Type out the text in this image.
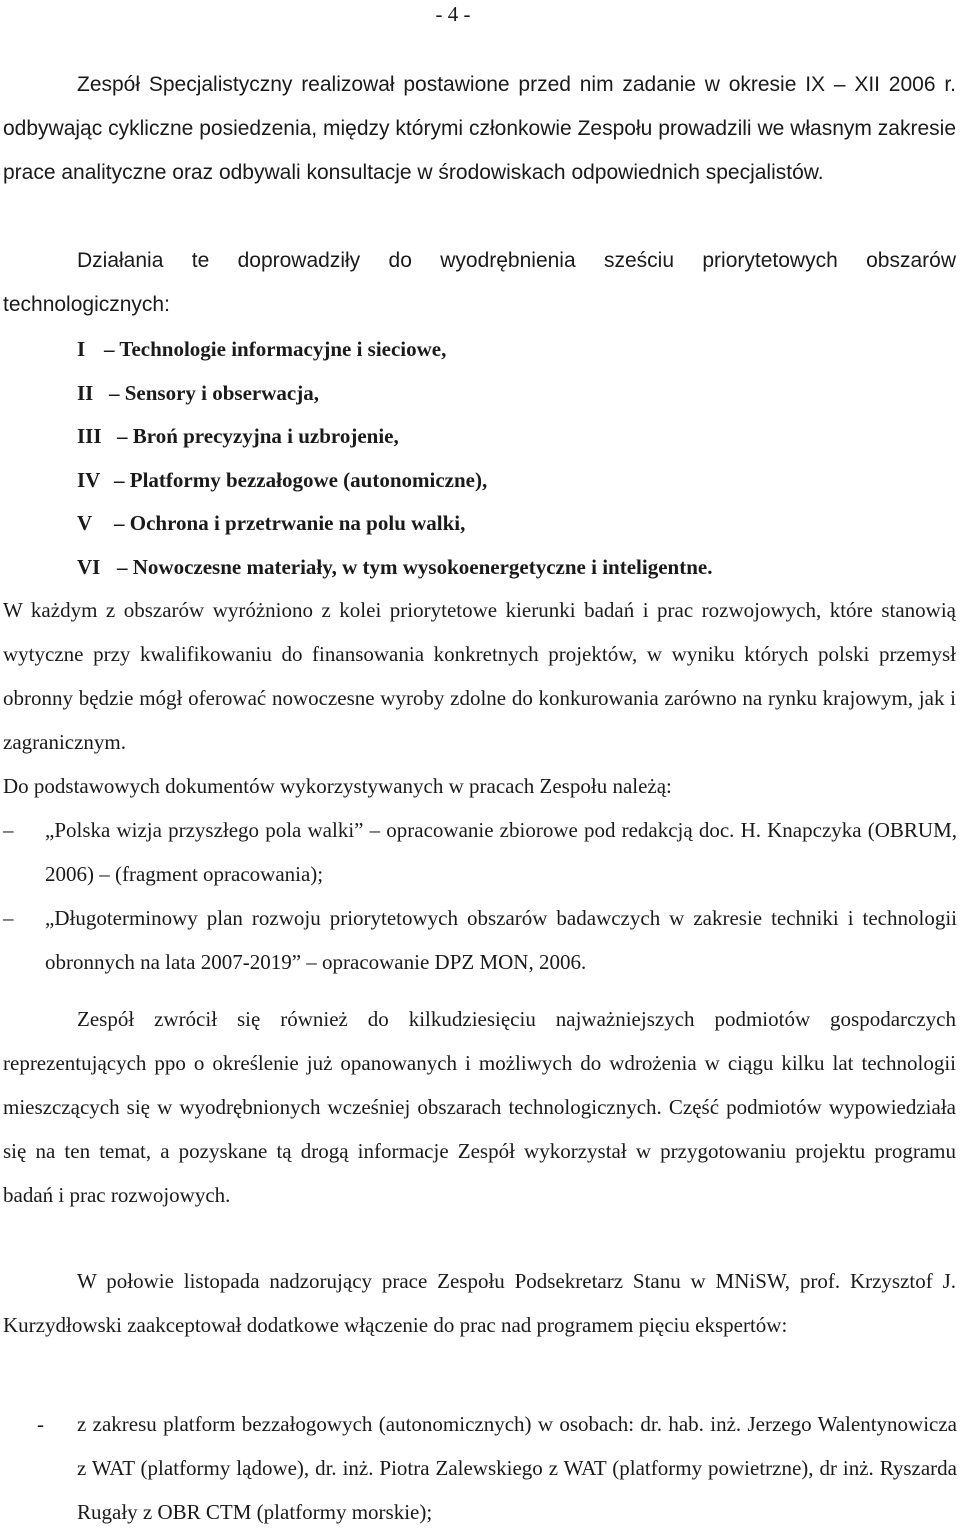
- 4 -

Zespół Specjalistyczny realizował postawione przed nim zadanie w okresie IX – XII 2006 r. odbywając cykliczne posiedzenia, między którymi członkowie Zespołu prowadzili we własnym zakresie prace analityczne oraz odbywali konsultacje w środowiskach odpowiednich specjalistów.

Działania te doprowadziły do wyodrębnienia sześciu priorytetowych obszarów technologicznych:

I – Technologie informacyjne i sieciowe,
II – Sensory i obserwacja,
III – Broń precyzyjna i uzbrojenie,
IV – Platformy bezzałogowe (autonomiczne),
V – Ochrona i przetrwanie na polu walki,
VI – Nowoczesne materiały, w tym wysokoenergetyczne i inteligentne.

W każdym z obszarów wyróżniono z kolei priorytetowe kierunki badań i prac rozwojowych, które stanowią wytyczne przy kwalifikowaniu do finansowania konkretnych projektów, w wyniku których polski przemysł obronny będzie mógł oferować nowoczesne wyroby zdolne do konkurowania zarówno na rynku krajowym, jak i zagranicznym.

Do podstawowych dokumentów wykorzystywanych w pracach Zespołu należą:

– „Polska wizja przyszłego pola walki” – opracowanie zbiorowe pod redakcją doc. H. Knapczyka (OBRUM, 2006) – (fragment opracowania);

– „Długoterminowy plan rozwoju priorytetowych obszarów badawczych w zakresie techniki i technologii obronnych na lata 2007-2019” – opracowanie DPZ MON, 2006.

Zespół zwrócił się również do kilkudziesięciu najważniejszych podmiotów gospodarczych reprezentujących ppo o określenie już opanowanych i możliwych do wdrożenia w ciągu kilku lat technologii mieszczących się w wyodrębnionych wcześniej obszarach technologicznych. Część podmiotów wypowiedziała się na ten temat, a pozyskane tą drogą informacje Zespół wykorzystał w przygotowaniu projektu programu badań i prac rozwojowych.

W połowie listopada nadzorujący prace Zespołu Podsekretarz Stanu w MNiSW, prof. Krzysztof J. Kurzydłowski zaakceptował dodatkowe włączenie do prac nad programem pięciu ekspertów:

- z zakresu platform bezzałogowych (autonomicznych) w osobach: dr. hab. inż. Jerzego Walentynowicza z WAT (platformy lądowe), dr. inż. Piotra Zalewskiego z WAT (platformy powietrzne), dr inż. Ryszarda Rugały z OBR CTM (platformy morskie);
